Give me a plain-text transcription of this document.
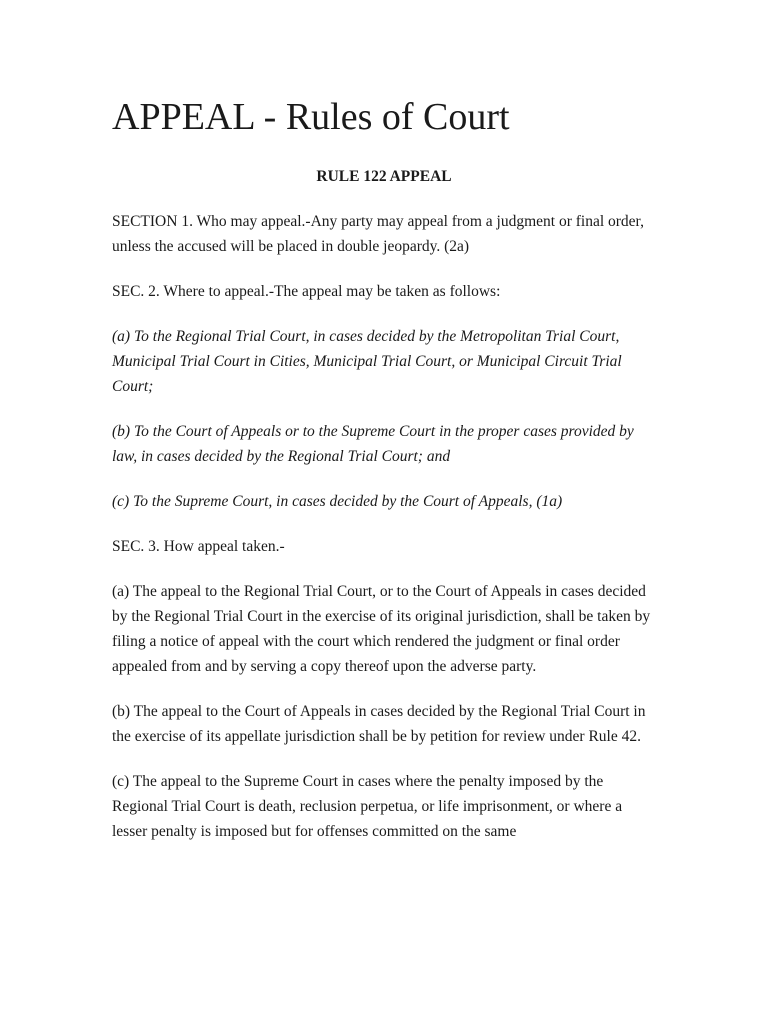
APPEAL - Rules of Court
RULE 122 APPEAL

SECTION 1. Who may appeal.-Any party may appeal from a judgment or final order, unless the accused will be placed in double jeopardy. (2a)

SEC. 2. Where to appeal.-The appeal may be taken as follows:

(a) To the Regional Trial Court, in cases decided by the Metropolitan Trial Court, Municipal Trial Court in Cities, Municipal Trial Court, or Municipal Circuit Trial Court;

(b) To the Court of Appeals or to the Supreme Court in the proper cases provided by law, in cases decided by the Regional Trial Court; and

(c) To the Supreme Court, in cases decided by the Court of Appeals, (1a)

SEC. 3. How appeal taken.-

(a) The appeal to the Regional Trial Court, or to the Court of Appeals in cases decided by the Regional Trial Court in the exercise of its original jurisdiction, shall be taken by filing a notice of appeal with the court which rendered the judgment or final order appealed from and by serving a copy thereof upon the adverse party.

(b) The appeal to the Court of Appeals in cases decided by the Regional Trial Court in the exercise of its appellate jurisdiction shall be by petition for review under Rule 42.

(c) The appeal to the Supreme Court in cases where the penalty imposed by the Regional Trial Court is death, reclusion perpetua, or life imprisonment, or where a lesser penalty is imposed but for offenses committed on the same
